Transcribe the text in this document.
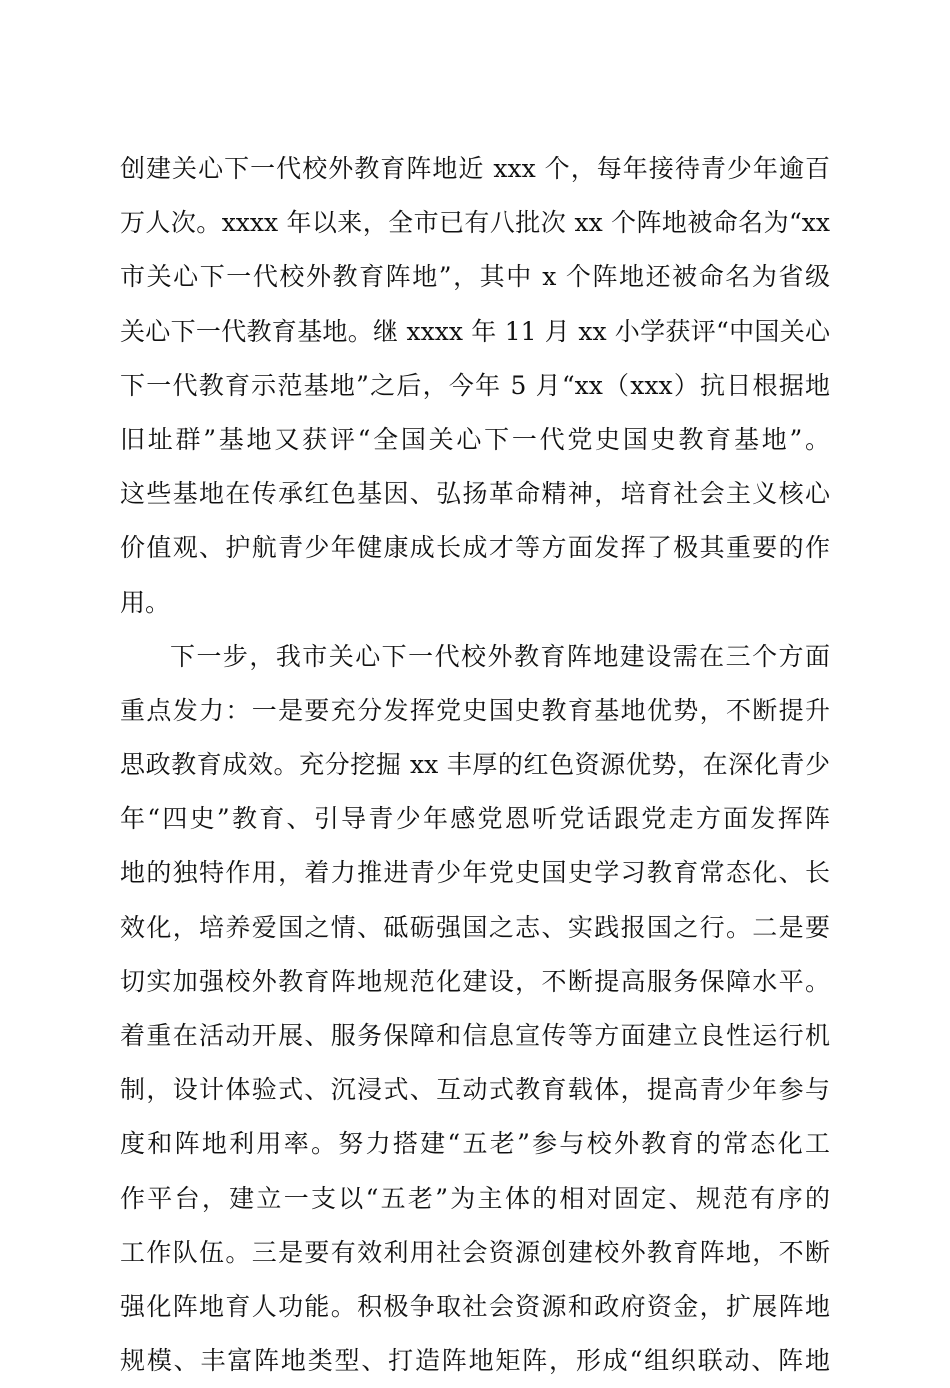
创建关心下一代校外教育阵地近 xxx 个，每年接待青少年逾百
万人次。xxxx 年以来，全市已有八批次 xx 个阵地被命名为“xx
市关心下一代校外教育阵地”，其中 x 个阵地还被命名为省级
关心下一代教育基地。继 xxxx 年 11 月 xx 小学获评“中国关心
下一代教育示范基地”之后，今年 5 月“xx（xxx）抗日根据地
旧址群”基地又获评“全国关心下一代党史国史教育基地”。
这些基地在传承红色基因、弘扬革命精神，培育社会主义核心
价值观、护航青少年健康成长成才等方面发挥了极其重要的作
用。
下一步，我市关心下一代校外教育阵地建设需在三个方面
重点发力：一是要充分发挥党史国史教育基地优势，不断提升
思政教育成效。充分挖掘 xx 丰厚的红色资源优势，在深化青少
年“四史”教育、引导青少年感党恩听党话跟党走方面发挥阵
地的独特作用，着力推进青少年党史国史学习教育常态化、长
效化，培养爱国之情、砥砺强国之志、实践报国之行。二是要
切实加强校外教育阵地规范化建设，不断提高服务保障水平。
着重在活动开展、服务保障和信息宣传等方面建立良性运行机
制，设计体验式、沉浸式、互动式教育载体，提高青少年参与
度和阵地利用率。努力搭建“五老”参与校外教育的常态化工
作平台，建立一支以“五老”为主体的相对固定、规范有序的
工作队伍。三是要有效利用社会资源创建校外教育阵地，不断
强化阵地育人功能。积极争取社会资源和政府资金，扩展阵地
规模、丰富阵地类型、打造阵地矩阵，形成“组织联动、阵地
